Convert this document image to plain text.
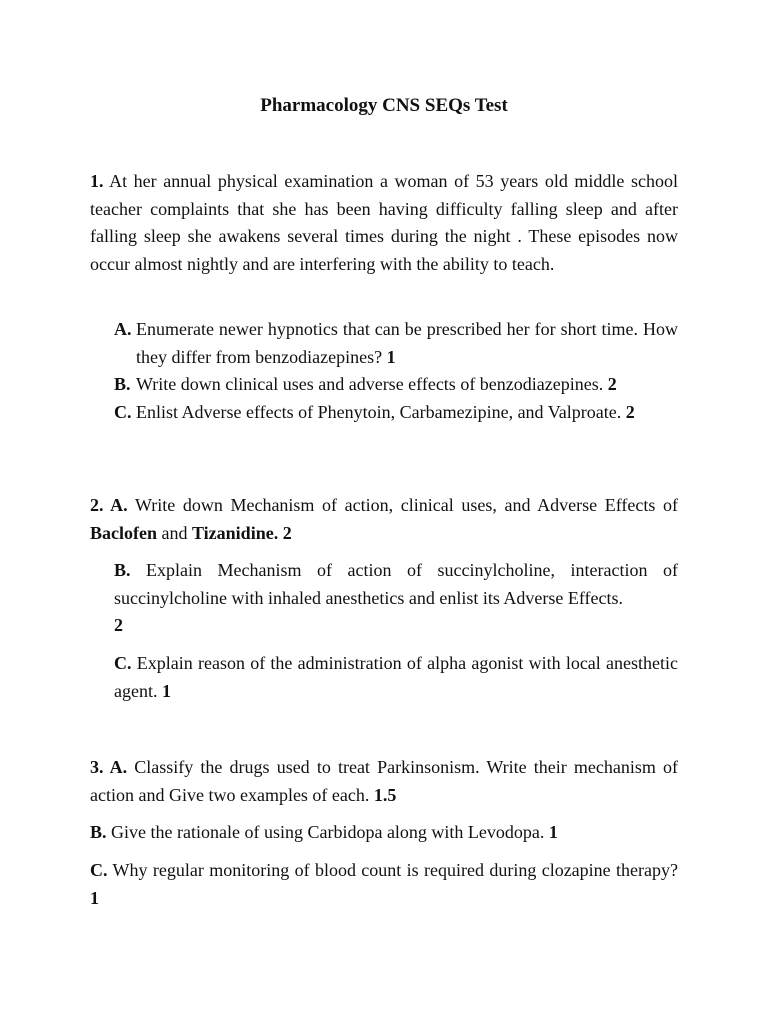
Pharmacology CNS SEQs Test

1. At her annual physical examination a woman of 53 years old middle school teacher complaints that she has been having difficulty falling sleep and after falling sleep she awakens several times during the night . These episodes now occur almost nightly and are interfering with the ability to teach.

A. Enumerate newer hypnotics that can be prescribed her for short time. How they differ from benzodiazepines? 1
B. Write down clinical uses and adverse effects of benzodiazepines. 2
C. Enlist Adverse effects of Phenytoin, Carbamezipine, and Valproate. 2

2. A. Write down Mechanism of action, clinical uses, and Adverse Effects of Baclofen and Tizanidine. 2

B. Explain Mechanism of action of succinylcholine, interaction of succinylcholine with inhaled anesthetics and enlist its Adverse Effects.
2

C. Explain reason of the administration of alpha agonist with local anesthetic agent. 1

3. A. Classify the drugs used to treat Parkinsonism. Write their mechanism of action and Give two examples of each. 1.5

B. Give the rationale of using Carbidopa along with Levodopa. 1

C. Why regular monitoring of blood count is required during clozapine therapy? 1
